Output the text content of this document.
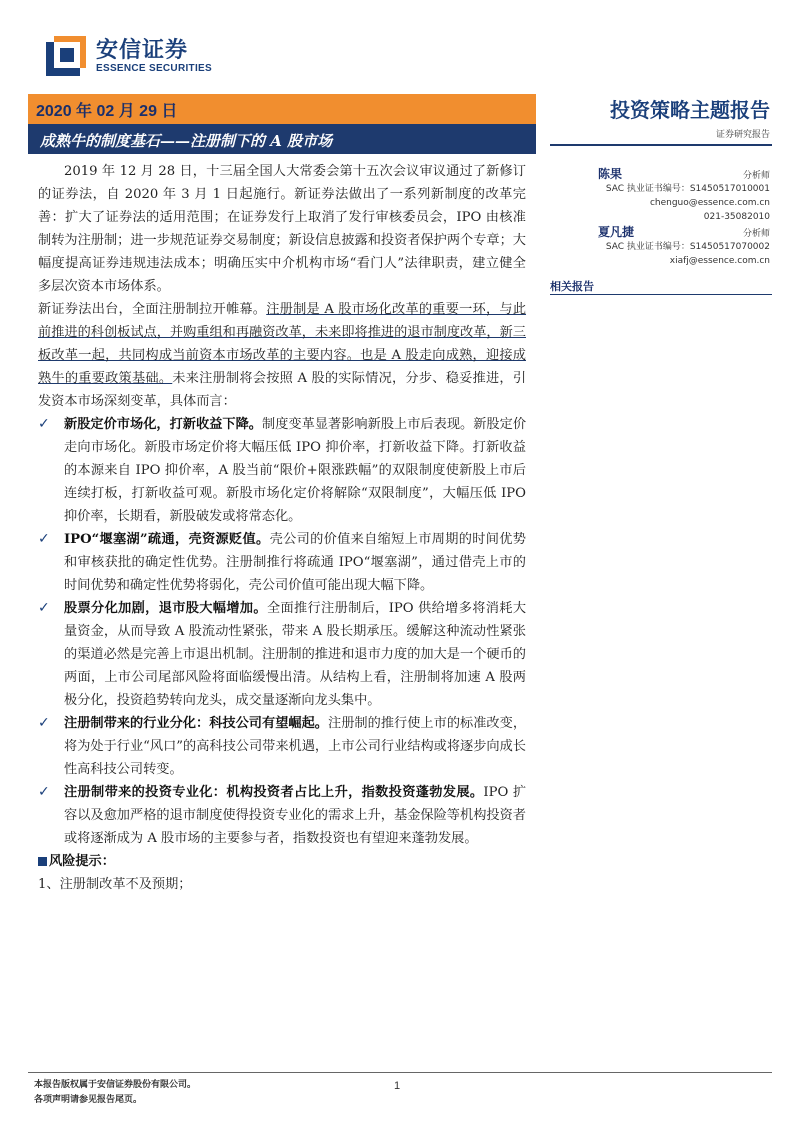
安信证券
ESSENCE SECURITIES
2020 年 02 月 29 日
成熟牛的制度基石——注册制下的 A 股市场
投资策略主题报告
证券研究报告
陈果	分析师
SAC 执业证书编号：S1450517010001
chenguo@essence.com.cn
021-35082010
夏凡捷	分析师
SAC 执业证书编号：S1450517070002
xiafj@essence.com.cn
相关报告

2019 年 12 月 28 日，十三届全国人大常委会第十五次会议审议通过了新修订的证券法，自 2020 年 3 月 1 日起施行。新证券法做出了一系列新制度的改革完善：扩大了证券法的适用范围；在证券发行上取消了发行审核委员会，IPO 由核准制转为注册制；进一步规范证券交易制度；新设信息披露和投资者保护两个专章；大幅度提高证券违规违法成本；明确压实中介机构市场“看门人”法律职责，建立健全多层次资本市场体系。

新证券法出台，全面注册制拉开帷幕。注册制是 A 股市场化改革的重要一环，与此前推进的科创板试点，并购重组和再融资改革，未来即将推进的退市制度改革，新三板改革一起，共同构成当前资本市场改革的主要内容。也是 A 股走向成熟，迎接成熟牛的重要政策基础。未来注册制将会按照 A 股的实际情况，分步、稳妥推进，引发资本市场深刻变革，具体而言：

✓ 新股定价市场化，打新收益下降。制度变革显著影响新股上市后表现。新股定价走向市场化。新股市场定价将大幅压低 IPO 抑价率，打新收益下降。打新收益的本源来自 IPO 抑价率，A 股当前“限价+限涨跌幅”的双限制度使新股上市后连续打板，打新收益可观。新股市场化定价将解除“双限制度”，大幅压低 IPO 抑价率，长期看，新股破发或将常态化。

✓ IPO“堰塞湖”疏通，壳资源贬值。壳公司的价值来自缩短上市周期的时间优势和审核获批的确定性优势。注册制推行将疏通 IPO“堰塞湖”，通过借壳上市的时间优势和确定性优势将弱化，壳公司价值可能出现大幅下降。

✓ 股票分化加剧，退市股大幅增加。全面推行注册制后，IPO 供给增多将消耗大量资金，从而导致 A 股流动性紧张，带来 A 股长期承压。缓解这种流动性紧张的渠道必然是完善上市退出机制。注册制的推进和退市力度的加大是一个硬币的两面，上市公司尾部风险将面临缓慢出清。从结构上看，注册制将加速 A 股两极分化，投资趋势转向龙头，成交量逐渐向龙头集中。

✓ 注册制带来的行业分化：科技公司有望崛起。注册制的推行使上市的标准改变，将为处于行业“风口”的高科技公司带来机遇，上市公司行业结构或将逐步向成长性高科技公司转变。

✓ 注册制带来的投资专业化：机构投资者占比上升，指数投资蓬勃发展。IPO 扩容以及愈加严格的退市制度使得投资专业化的需求上升，基金保险等机构投资者或将逐渐成为 A 股市场的主要参与者，指数投资也有望迎来蓬勃发展。

风险提示：

1、注册制改革不及预期；

本报告版权属于安信证券股份有限公司。
各项声明请参见报告尾页。
1
